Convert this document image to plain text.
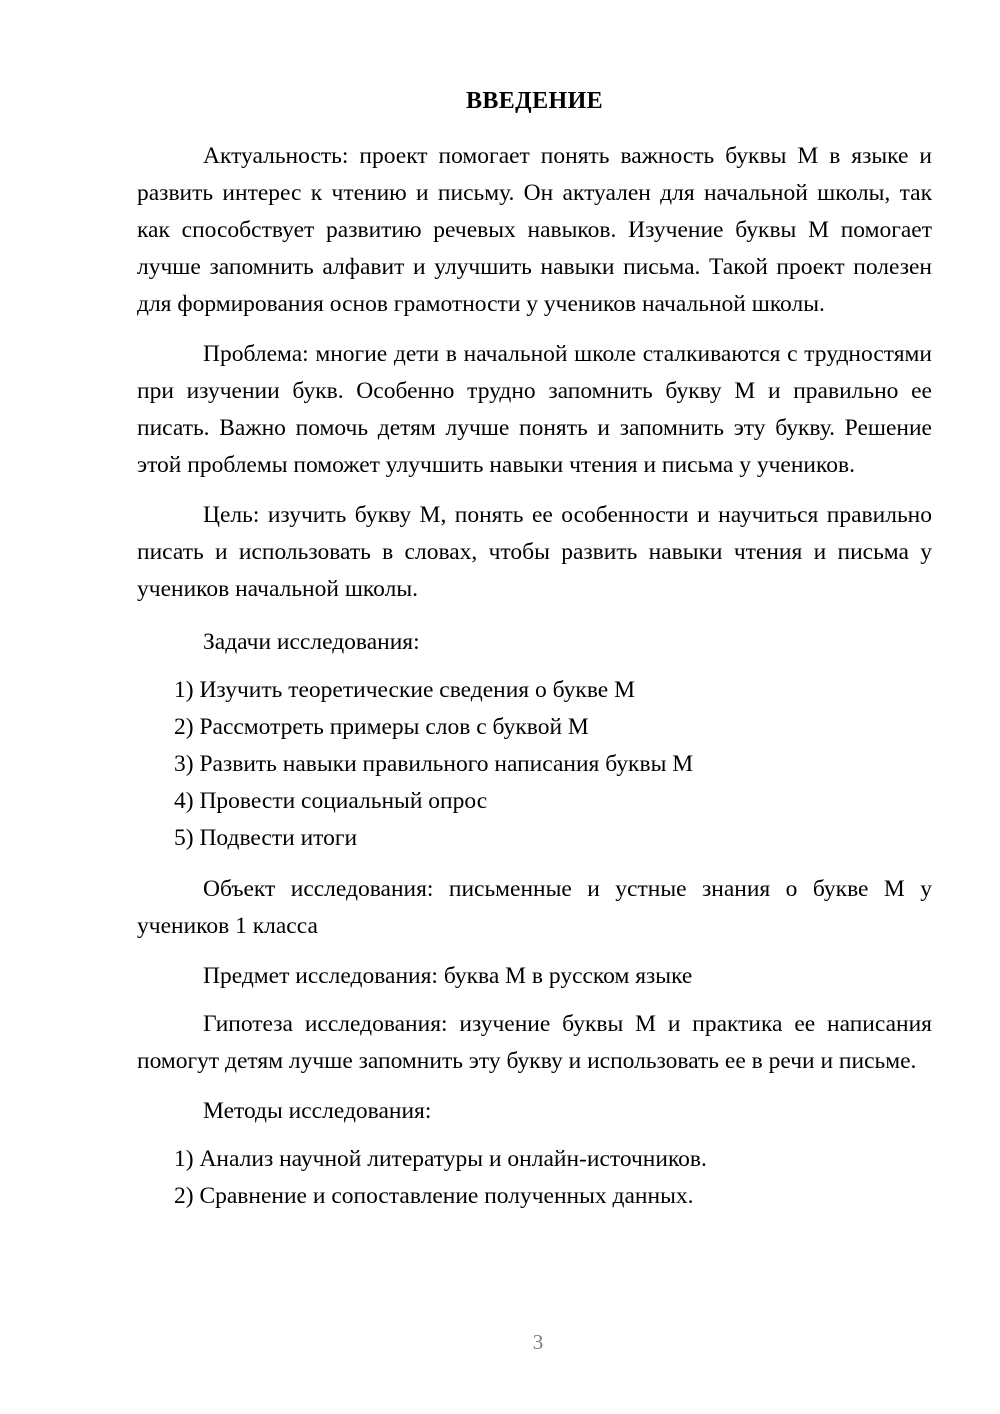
ВВЕДЕНИЕ

Актуальность: проект помогает понять важность буквы М в языке и развить интерес к чтению и письму. Он актуален для начальной школы, так как способствует развитию речевых навыков. Изучение буквы М помогает лучше запомнить алфавит и улучшить навыки письма. Такой проект полезен для формирования основ грамотности у учеников начальной школы.

Проблема: многие дети в начальной школе сталкиваются с трудностями при изучении букв. Особенно трудно запомнить букву М и правильно ее писать. Важно помочь детям лучше понять и запомнить эту букву. Решение этой проблемы поможет улучшить навыки чтения и письма у учеников.

Цель: изучить букву М, понять ее особенности и научиться правильно писать и использовать в словах, чтобы развить навыки чтения и письма у учеников начальной школы.

Задачи исследования:

1) Изучить теоретические сведения о букве М
2) Рассмотреть примеры слов с буквой М
3) Развить навыки правильного написания буквы М
4) Провести социальный опрос
5) Подвести итоги

Объект исследования: письменные и устные знания о букве М у учеников 1 класса

Предмет исследования: буква М в русском языке

Гипотеза исследования: изучение буквы М и практика ее написания помогут детям лучше запомнить эту букву и использовать ее в речи и письме.

Методы исследования:

1) Анализ научной литературы и онлайн-источников.
2) Сравнение и сопоставление полученных данных.
3
